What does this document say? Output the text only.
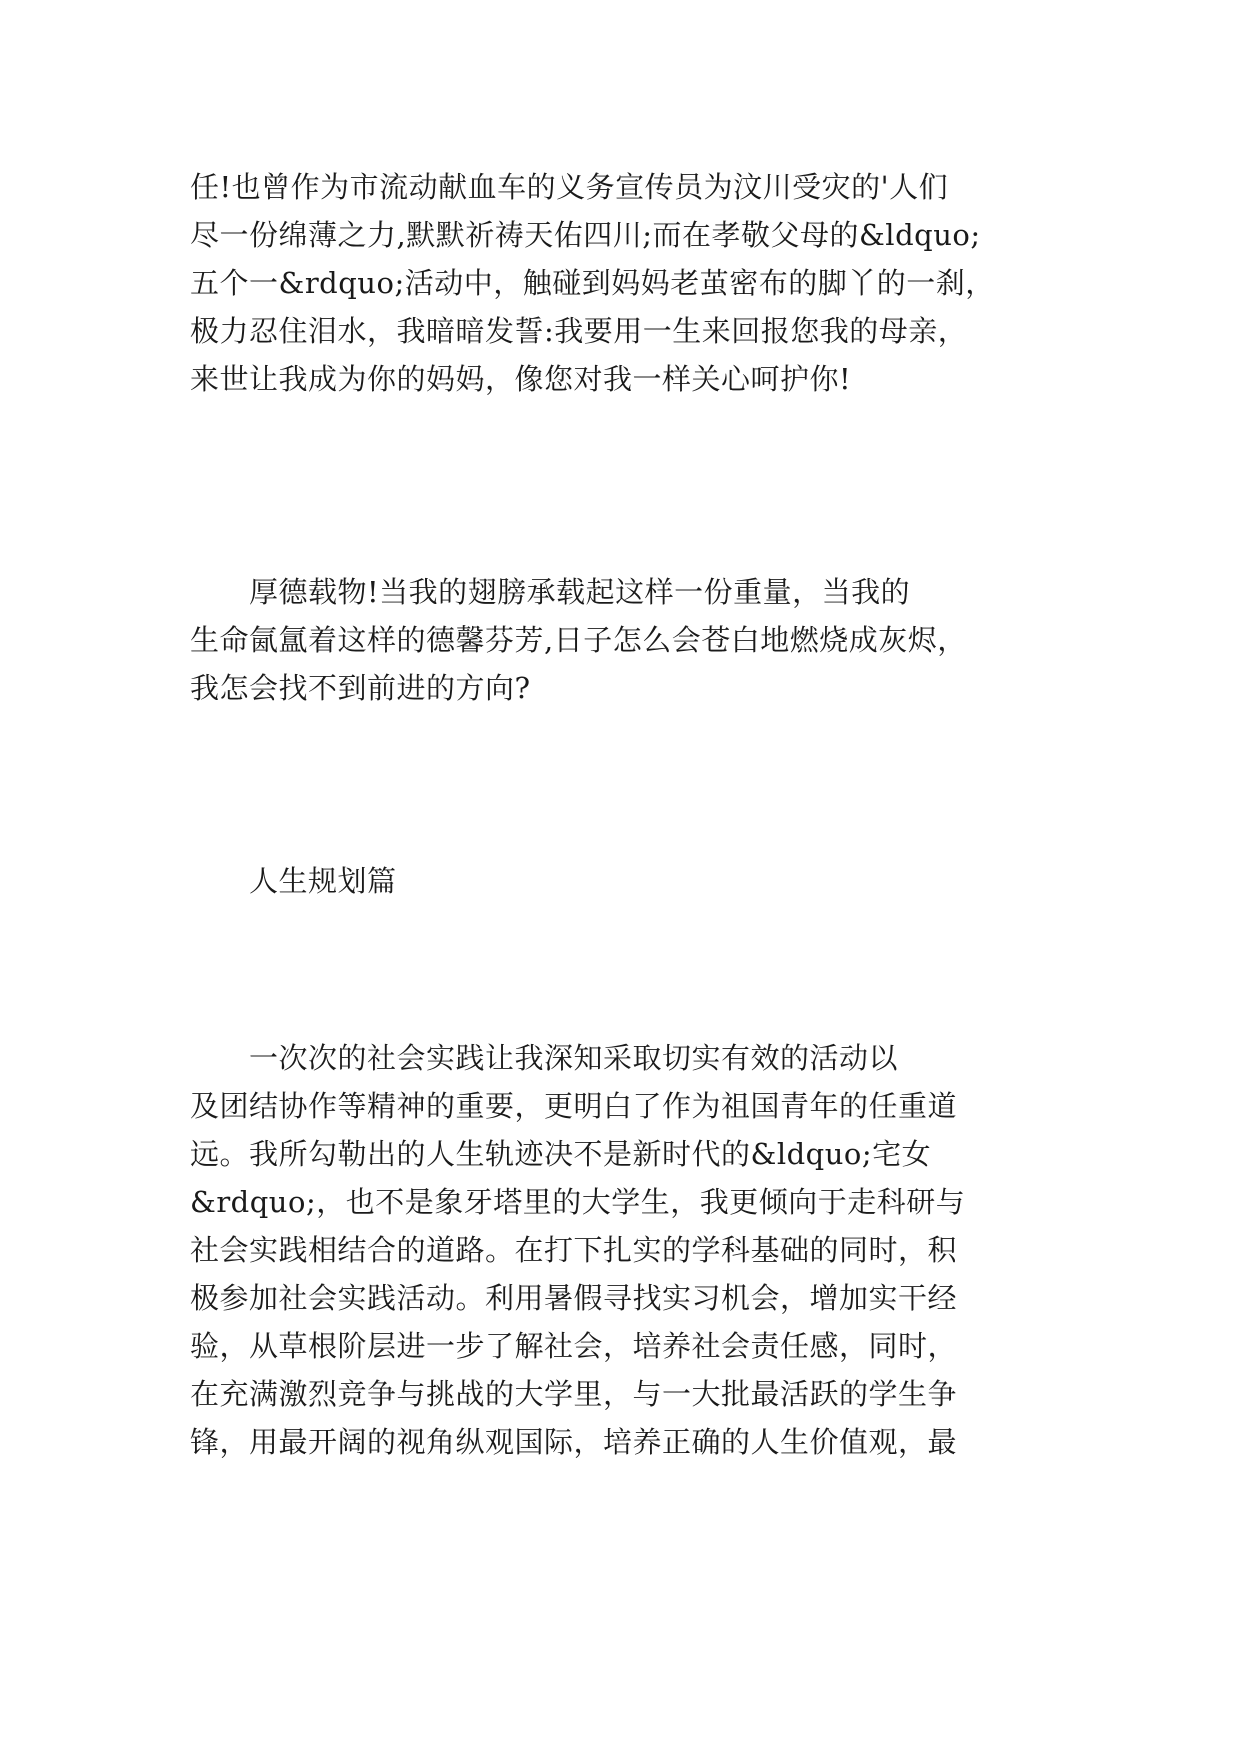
任!也曾作为市流动献血车的义务宣传员为汶川受灾的'人们
尽一份绵薄之力,默默祈祷天佑四川;而在孝敬父母的&ldquo;
五个一&rdquo;活动中，触碰到妈妈老茧密布的脚丫的一刹，
极力忍住泪水，我暗暗发誓:我要用一生来回报您我的母亲，
来世让我成为你的妈妈，像您对我一样关心呵护你!
　　厚德载物!当我的翅膀承载起这样一份重量，当我的
生命氤氲着这样的德馨芬芳,日子怎么会苍白地燃烧成灰烬，
我怎会找不到前进的方向?
　　人生规划篇
　　一次次的社会实践让我深知采取切实有效的活动以
及团结协作等精神的重要，更明白了作为祖国青年的任重道
远。我所勾勒出的人生轨迹决不是新时代的&ldquo;宅女
&rdquo;，也不是象牙塔里的大学生，我更倾向于走科研与
社会实践相结合的道路。在打下扎实的学科基础的同时，积
极参加社会实践活动。利用暑假寻找实习机会，增加实干经
验，从草根阶层进一步了解社会，培养社会责任感，同时，
在充满激烈竞争与挑战的大学里，与一大批最活跃的学生争
锋，用最开阔的视角纵观国际，培养正确的人生价值观，最
